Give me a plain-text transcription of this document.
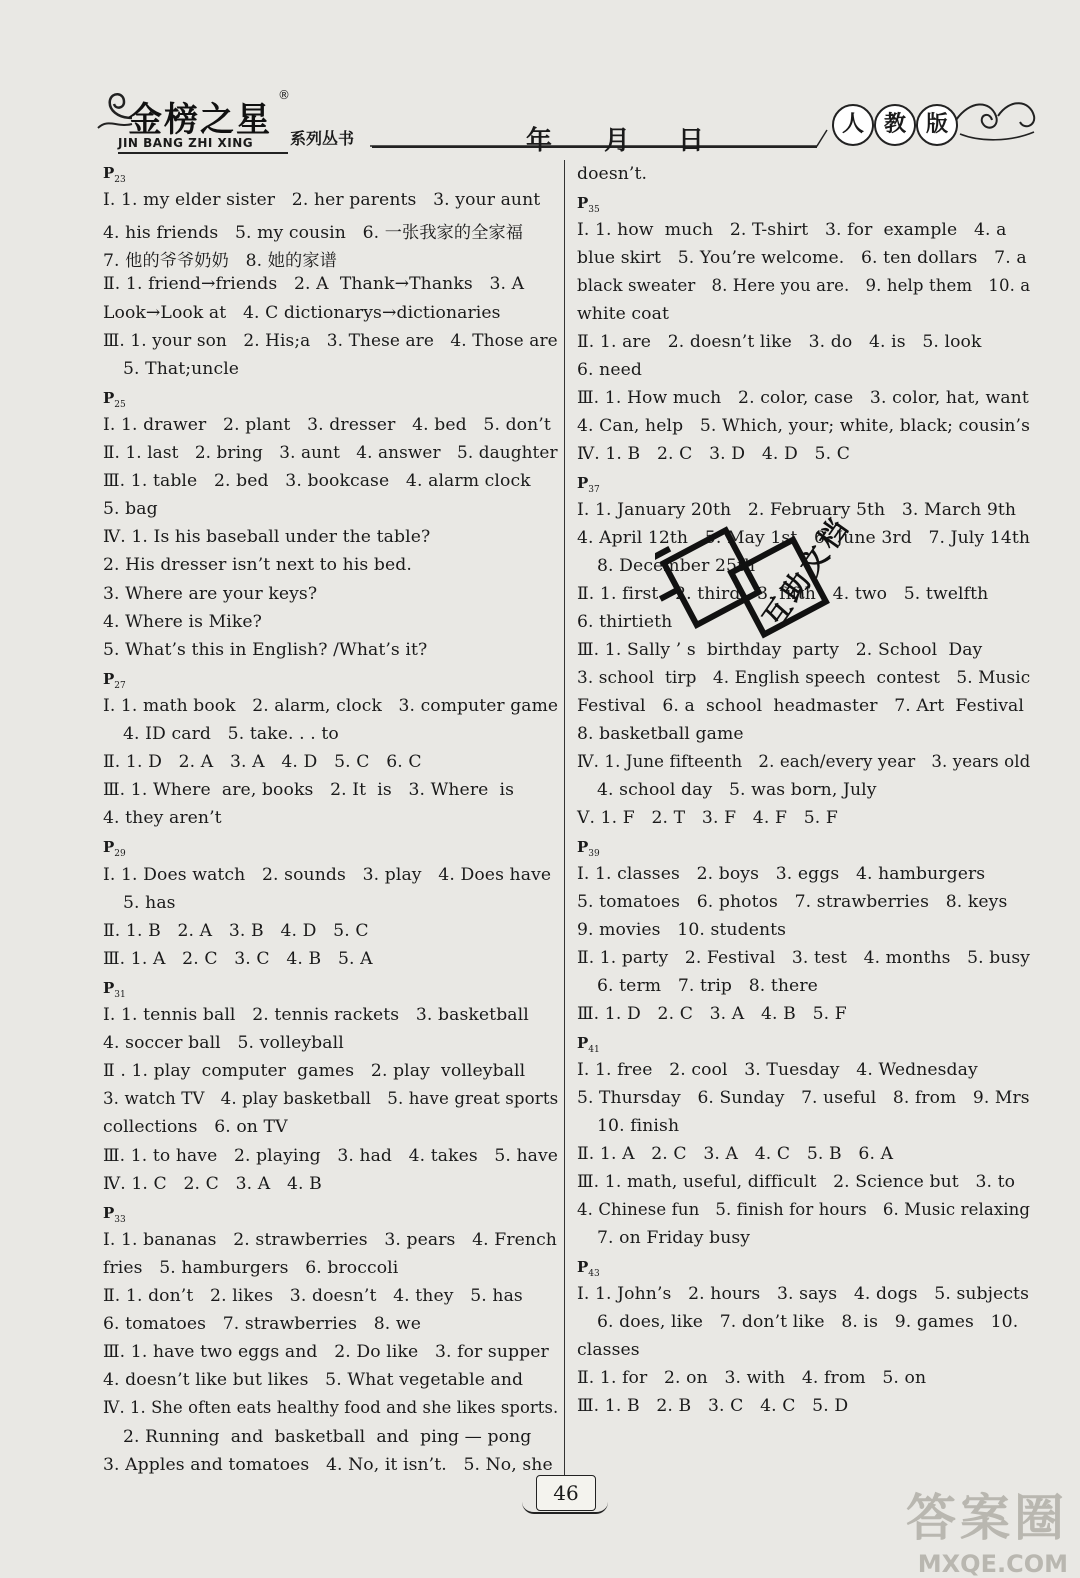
金榜之星
®
JIN BANG ZHI XING 系列丛书	年 月 日
人 教 版
$P_{23}$
Ⅰ. 1. my elder sister   2. her parents   3. your aunt
4. his friends   5. my cousin   6. 一张我家的全家福
7. 他的爷爷奶奶   8. 她的家谱
Ⅱ. 1. friend→friends   2. A  Thank→Thanks   3. A
Look→Look at   4. C dictionarys→dictionaries
Ⅲ. 1. your son   2. His;a   3. These are   4. Those are
5. That;uncle
$P_{25}$
Ⅰ. 1. drawer   2. plant   3. dresser   4. bed   5. don’t
Ⅱ. 1. last   2. bring   3. aunt   4. answer   5. daughter
Ⅲ. 1. table   2. bed   3. bookcase   4. alarm clock
5. bag
Ⅳ. 1. Is his baseball under the table?
2. His dresser isn’t next to his bed.
3. Where are your keys?
4. Where is Mike?
5. What’s this in English? /What’s it?
$P_{27}$
Ⅰ. 1. math book   2. alarm, clock   3. computer game
4. ID card   5. take. . . to
Ⅱ. 1. D   2. A   3. A   4. D   5. C   6. C
Ⅲ. 1. Where  are, books   2. It  is   3. Where  is
4. they aren’t
$P_{29}$
Ⅰ. 1. Does watch   2. sounds   3. play   4. Does have
5. has
Ⅱ. 1. B   2. A   3. B   4. D   5. C
Ⅲ. 1. A   2. C   3. C   4. B   5. A
$P_{31}$
Ⅰ. 1. tennis ball   2. tennis rackets   3. basketball
4. soccer ball   5. volleyball
Ⅱ . 1. play  computer  games   2. play  volleyball
3. watch TV   4. play basketball   5. have great sports
collections   6. on TV
Ⅲ. 1. to have   2. playing   3. had   4. takes   5. have
Ⅳ. 1. C   2. C   3. A   4. B
$P_{33}$
Ⅰ. 1. bananas   2. strawberries   3. pears   4. French
fries   5. hamburgers   6. broccoli
Ⅱ. 1. don’t   2. likes   3. doesn’t   4. they   5. has
6. tomatoes   7. strawberries   8. we
Ⅲ. 1. have two eggs and   2. Do like   3. for supper
4. doesn’t like but likes   5. What vegetable and
Ⅳ. 1. She often eats healthy food and she likes sports.
2. Running  and  basketball  and  ping — pong
3. Apples and tomatoes   4. No, it isn’t.   5. No, she
doesn’t.
$P_{35}$
Ⅰ. 1. how  much   2. T-shirt   3. for  example   4. a
blue skirt   5. You’re welcome.   6. ten dollars   7. a
black sweater   8. Here you are.   9. help them   10. a
white coat
Ⅱ. 1. are   2. doesn’t like   3. do   4. is   5. look
6. need
Ⅲ. 1. How much   2. color, case   3. color, hat, want
4. Can, help   5. Which, your; white, black; cousin’s
Ⅳ. 1. B   2. C   3. D   4. D   5. C
$P_{37}$
Ⅰ. 1. January 20th   2. February 5th   3. March 9th
4. April 12th   5. May 1st   6. June 3rd   7. July 14th
8. December 25th
Ⅱ. 1. first   2. third   3. fifth   4. two   5. twelfth
6. thirtieth
Ⅲ. 1. Sally ’ s  birthday  party   2. School  Day
3. school  tirp   4. English speech  contest   5. Music
Festival   6. a  school  headmaster   7. Art  Festival
8. basketball game
Ⅳ. 1. June fifteenth   2. each/every year   3. years old
4. school day   5. was born, July
Ⅴ. 1. F   2. T   3. F   4. F   5. F
$P_{39}$
Ⅰ. 1. classes   2. boys   3. eggs   4. hamburgers
5. tomatoes   6. photos   7. strawberries   8. keys
9. movies   10. students
Ⅱ. 1. party   2. Festival   3. test   4. months   5. busy
6. term   7. trip   8. there
Ⅲ. 1. D   2. C   3. A   4. B   5. F
$P_{41}$
Ⅰ. 1. free   2. cool   3. Tuesday   4. Wednesday
5. Thursday   6. Sunday   7. useful   8. from   9. Mrs
10. finish
Ⅱ. 1. A   2. C   3. A   4. C   5. B   6. A
Ⅲ. 1. math, useful, difficult   2. Science but   3. to
4. Chinese fun   5. finish for hours   6. Music relaxing
7. on Friday busy
$P_{43}$
Ⅰ. 1. John’s   2. hours   3. says   4. dogs   5. subjects
6. does, like   7. don’t like   8. is   9. games   10.
classes
Ⅱ. 1. for   2. on   3. with   4. from   5. on
Ⅲ. 1. B   2. B   3. C   4. C   5. D
互助文档
46	答案圈
MXQE.COM
